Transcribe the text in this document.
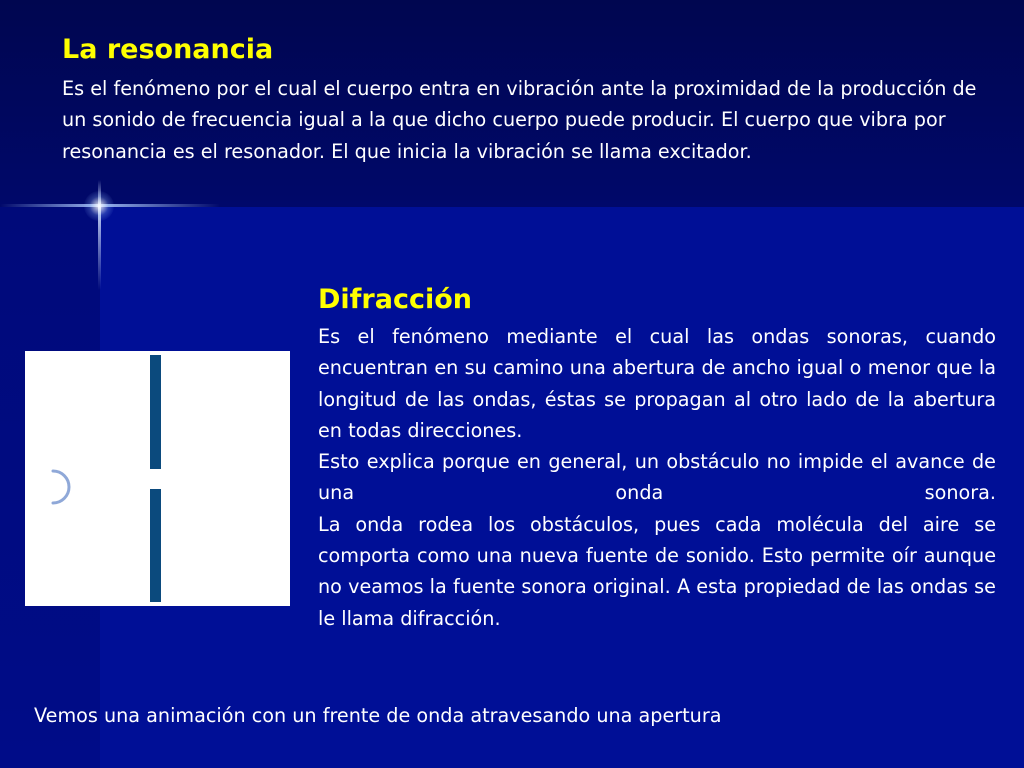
La resonancia

Es el fenómeno por el cual el cuerpo entra en vibración ante la proximidad de la producción de un sonido de frecuencia igual a la que dicho cuerpo puede producir. El cuerpo que vibra por resonancia es el resonador. El que inicia la vibración se llama excitador.

Difracción

Es el fenómeno mediante el cual las ondas sonoras, cuando encuentran en su camino una abertura de ancho igual o menor que la longitud de las ondas, éstas se propagan al otro lado de la abertura en todas direcciones.

Esto explica porque en general, un obstáculo no impide el avance de una onda sonora.

La onda rodea los obstáculos, pues cada molécula del aire se comporta como una nueva fuente de sonido. Esto permite oír aunque no veamos la fuente sonora original. A esta propiedad de las ondas se le llama difracción.

Vemos una animación con un frente de onda atravesando una apertura
